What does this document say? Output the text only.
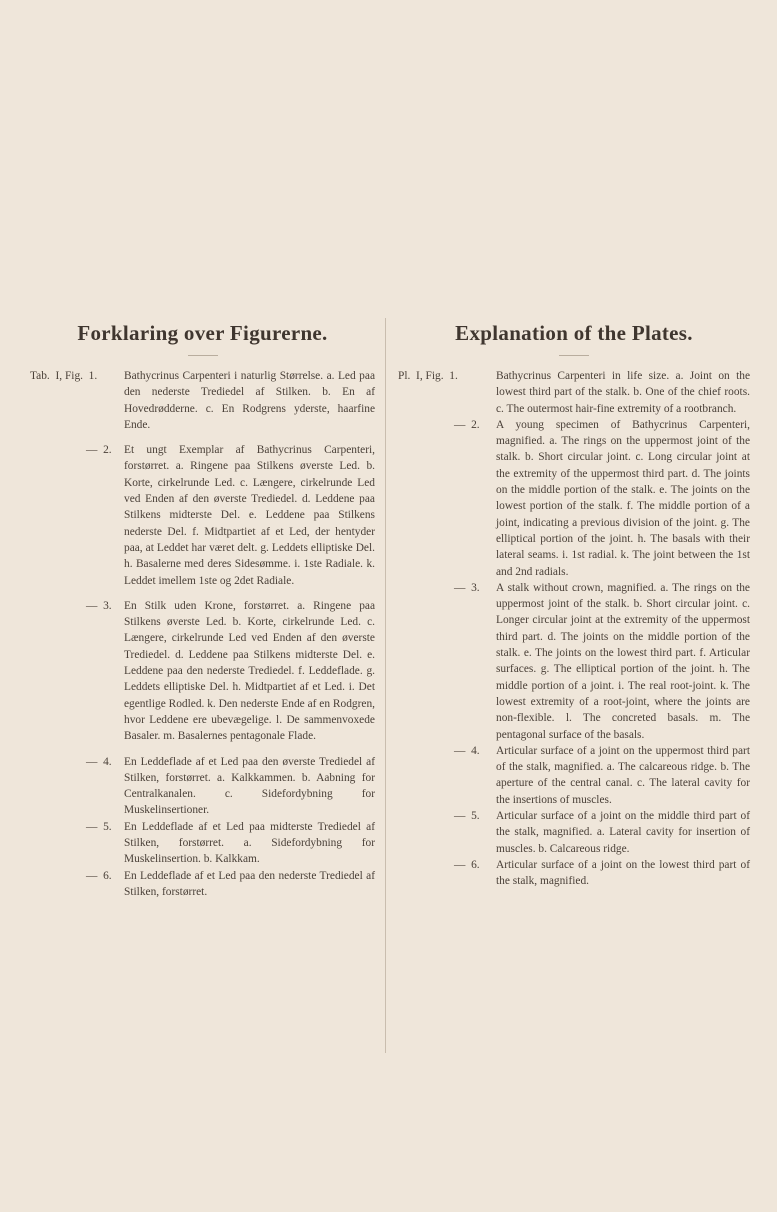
Forklaring over Figurerne.
Tab.  I, Fig.  1.	Bathycrinus Carpenteri i naturlig Størrelse. a. Led paa den nederste Trediedel af Stilken. b. En af Hovedrødderne. c. En Rodgrens yderste, haarfine Ende.
—  2.	Et ungt Exemplar af Bathycrinus Carpenteri, forstørret. a. Ringene paa Stilkens øverste Led. b. Korte, cirkelrunde Led. c. Længere, cirkelrunde Led ved Enden af den øverste Trediedel. d. Leddene paa Stilkens midterste Del. e. Leddene paa Stilkens nederste Del. f. Midtpartiet af et Led, der hentyder paa, at Leddet har været delt. g. Leddets elliptiske Del. h. Basalerne med deres Sidesømme. i. 1ste Radiale. k. Leddet imellem 1ste og 2det Radiale.
—  3.	En Stilk uden Krone, forstørret. a. Ringene paa Stilkens øverste Led. b. Korte, cirkelrunde Led. c. Længere, cirkelrunde Led ved Enden af den øverste Trediedel. d. Leddene paa Stilkens midterste Del. e. Leddene paa den nederste Trediedel. f. Leddeflade. g. Leddets elliptiske Del. h. Midtpartiet af et Led. i. Det egentlige Rodled. k. Den nederste Ende af en Rodgren, hvor Leddene ere ubevægelige. l. De sammenvoxede Basaler. m. Basalernes pentagonale Flade.
—  4.	En Leddeflade af et Led paa den øverste Trediedel af Stilken, forstørret. a. Kalkkammen. b. Aabning for Centralkanalen. c. Sidefordybning for Muskelinsertioner.
—  5.	En Leddeflade af et Led paa midterste Trediedel af Stilken, forstørret. a. Sidefordybning for Muskelinsertion. b. Kalkkam.
—  6.	En Leddeflade af et Led paa den nederste Trediedel af Stilken, forstørret.
Explanation of the Plates.
Pl.  I, Fig.  1.	Bathycrinus Carpenteri in life size. a. Joint on the lowest third part of the stalk. b. One of the chief roots. c. The outermost hair-fine extremity of a rootbranch.
—  2.	A young specimen of Bathycrinus Carpenteri, magnified. a. The rings on the uppermost joint of the stalk. b. Short circular joint. c. Long circular joint at the extremity of the uppermost third part. d. The joints on the middle portion of the stalk. e. The joints on the lowest portion of the stalk. f. The middle portion of a joint, indicating a previous division of the joint. g. The elliptical portion of the joint. h. The basals with their lateral seams. i. 1st radial. k. The joint between the 1st and 2nd radials.
—  3.	A stalk without crown, magnified. a. The rings on the uppermost joint of the stalk. b. Short circular joint. c. Longer circular joint at the extremity of the uppermost third part. d. The joints on the middle portion of the stalk. e. The joints on the lowest third part. f. Articular surfaces. g. The elliptical portion of the joint. h. The middle portion of a joint. i. The real root-joint. k. The lowest extremity of a root-joint, where the joints are non-flexible. l. The concreted basals. m. The pentagonal surface of the basals.
—  4.	Articular surface of a joint on the uppermost third part of the stalk, magnified. a. The calcareous ridge. b. The aperture of the central canal. c. The lateral cavity for the insertions of muscles.
—  5.	Articular surface of a joint on the middle third part of the stalk, magnified. a. Lateral cavity for insertion of muscles. b. Calcareous ridge.
—  6.	Articular surface of a joint on the lowest third part of the stalk, magnified.
